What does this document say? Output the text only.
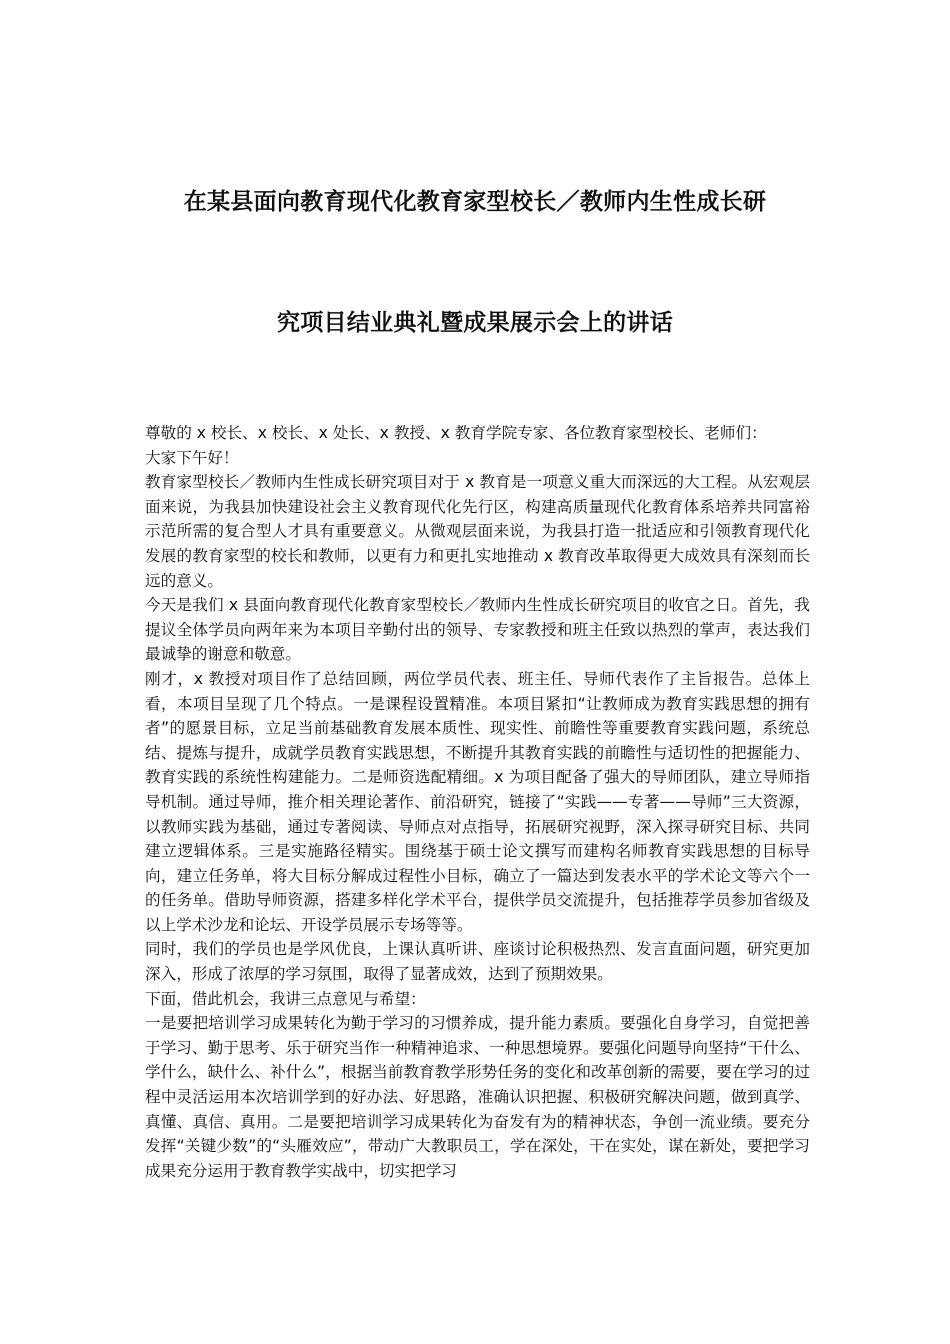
在某县面向教育现代化教育家型校长／教师内生性成长研
究项目结业典礼暨成果展示会上的讲话

尊敬的 x 校长、x 校长、x 处长、x 教授、x 教育学院专家、各位教育家型校长、老师们：

大家下午好！

教育家型校长／教师内生性成长研究项目对于 x 教育是一项意义重大而深远的大工程。从宏观层面来说，为我县加快建设社会主义教育现代化先行区，构建高质量现代化教育体系培养共同富裕示范所需的复合型人才具有重要意义。从微观层面来说，为我县打造一批适应和引领教育现代化发展的教育家型的校长和教师，以更有力和更扎实地推动 x 教育改革取得更大成效具有深刻而长远的意义。

今天是我们 x 县面向教育现代化教育家型校长／教师内生性成长研究项目的收官之日。首先，我提议全体学员向两年来为本项目辛勤付出的领导、专家教授和班主任致以热烈的掌声，表达我们最诚挚的谢意和敬意。

刚才，x 教授对项目作了总结回顾，两位学员代表、班主任、导师代表作了主旨报告。总体上看，本项目呈现了几个特点。一是课程设置精准。本项目紧扣“让教师成为教育实践思想的拥有者”的愿景目标，立足当前基础教育发展本质性、现实性、前瞻性等重要教育实践问题，系统总结、提炼与提升，成就学员教育实践思想，不断提升其教育实践的前瞻性与适切性的把握能力、教育实践的系统性构建能力。二是师资选配精细。x 为项目配备了强大的导师团队，建立导师指导机制。通过导师，推介相关理论著作、前沿研究，链接了“实践——专著——导师”三大资源，以教师实践为基础，通过专著阅读、导师点对点指导，拓展研究视野，深入探寻研究目标、共同建立逻辑体系。三是实施路径精实。围绕基于硕士论文撰写而建构名师教育实践思想的目标导向，建立任务单，将大目标分解成过程性小目标，确立了一篇达到发表水平的学术论文等六个一的任务单。借助导师资源，搭建多样化学术平台，提供学员交流提升，包括推荐学员参加省级及以上学术沙龙和论坛、开设学员展示专场等等。

同时，我们的学员也是学风优良，上课认真听讲、座谈讨论积极热烈、发言直面问题，研究更加深入，形成了浓厚的学习氛围，取得了显著成效，达到了预期效果。

下面，借此机会，我讲三点意见与希望：

一是要把培训学习成果转化为勤于学习的习惯养成，提升能力素质。要强化自身学习，自觉把善于学习、勤于思考、乐于研究当作一种精神追求、一种思想境界。要强化问题导向坚持“干什么、学什么，缺什么、补什么”，根据当前教育教学形势任务的变化和改革创新的需要，要在学习的过程中灵活运用本次培训学到的好办法、好思路，准确认识把握、积极研究解决问题，做到真学、真懂、真信、真用。二是要把培训学习成果转化为奋发有为的精神状态，争创一流业绩。要充分发挥“关键少数”的“头雁效应”，带动广大教职员工，学在深处，干在实处，谋在新处，要把学习成果充分运用于教育教学实战中，切实把学习
